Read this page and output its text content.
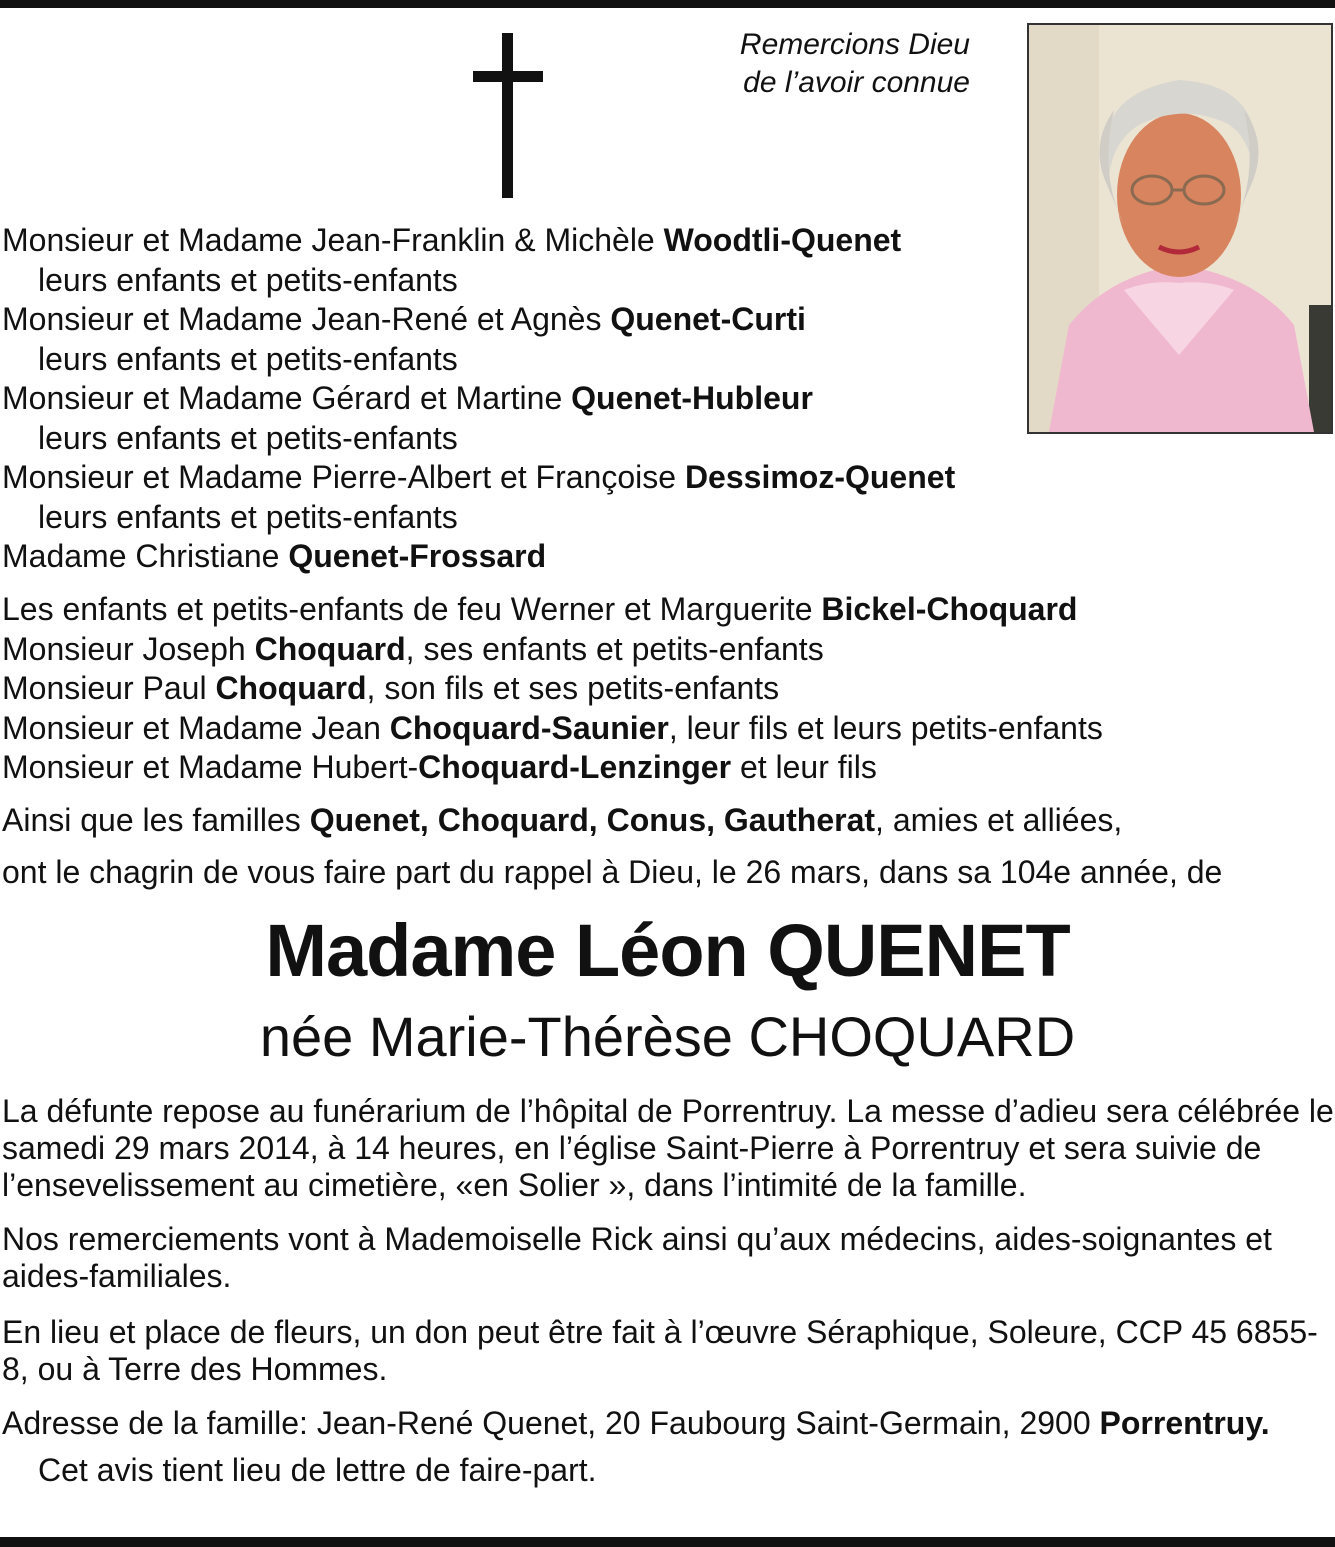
Remercions Dieu
de l’avoir connue
Monsieur et Madame Jean-Franklin & Michèle Woodtli-Quenet
leurs enfants et petits-enfants
Monsieur et Madame Jean-René et Agnès Quenet-Curti
leurs enfants et petits-enfants
Monsieur et Madame Gérard et Martine Quenet-Hubleur
leurs enfants et petits-enfants
Monsieur et Madame Pierre-Albert et Françoise Dessimoz-Quenet
leurs enfants et petits-enfants
Madame Christiane Quenet-Frossard
Les enfants et petits-enfants de feu Werner et Marguerite Bickel-Choquard
Monsieur Joseph Choquard, ses enfants et petits-enfants
Monsieur Paul Choquard, son fils et ses petits-enfants
Monsieur et Madame Jean Choquard-Saunier, leur fils et leurs petits-enfants
Monsieur et Madame Hubert-Choquard-Lenzinger et leur fils
Ainsi que les familles Quenet, Choquard, Conus, Gautherat, amies et alliées,
ont le chagrin de vous faire part du rappel à Dieu, le 26 mars, dans sa 104e année, de
Madame Léon QUENET
née Marie-Thérèse CHOQUARD
La défunte repose au funérarium de l’hôpital de Porrentruy. La messe d’adieu sera célébrée le samedi 29 mars 2014, à 14 heures, en l’église Saint-Pierre à Porrentruy et sera suivie de l’ensevelissement au cimetière, «en Solier », dans l’intimité de la famille.
Nos remerciements vont à Mademoiselle Rick ainsi qu’aux médecins, aides-soignantes et aides-familiales.
En lieu et place de fleurs, un don peut être fait à l’œuvre Séraphique, Soleure, CCP 45 6855-8, ou à Terre des Hommes.
Adresse de la famille: Jean-René Quenet, 20 Faubourg Saint-Germain, 2900 Porrentruy.
Cet avis tient lieu de lettre de faire-part.
